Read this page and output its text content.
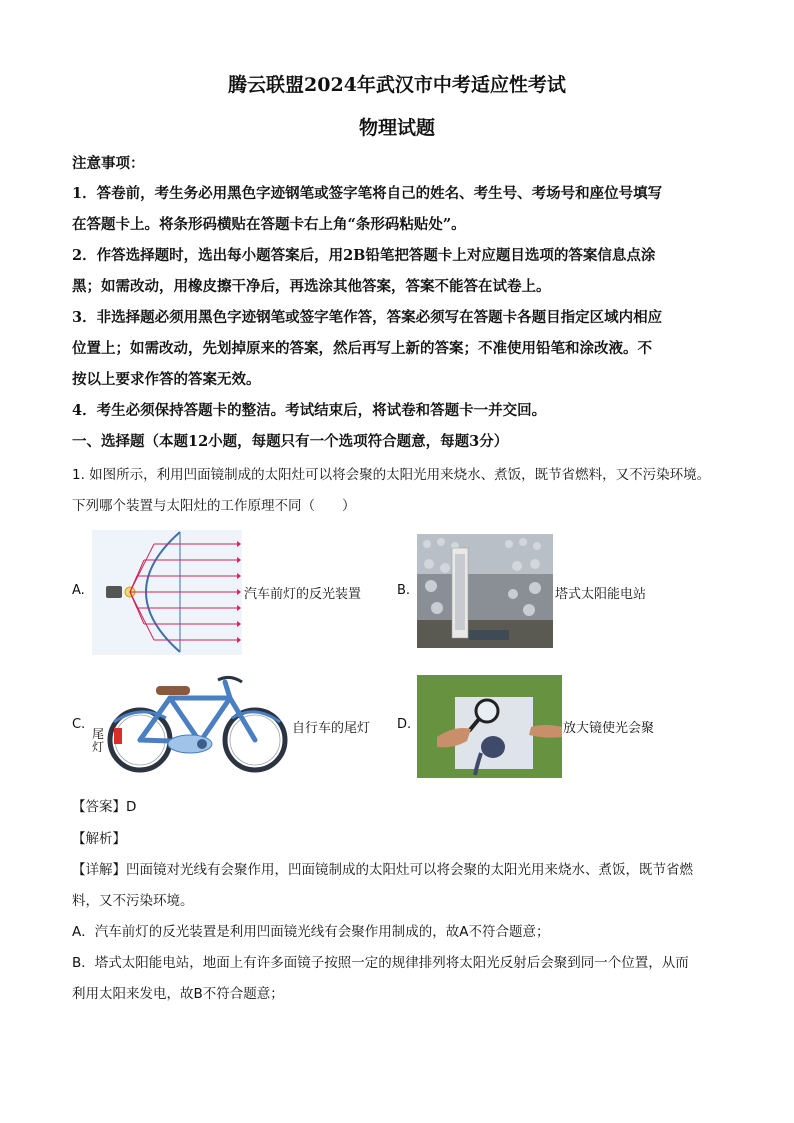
腾云联盟2024年武汉市中考适应性考试
物理试题
注意事项：
1．答卷前，考生务必用黑色字迹钢笔或签字笔将自己的姓名、考生号、考场号和座位号填写
在答题卡上。将条形码横贴在答题卡右上角“条形码粘贴处”。
2．作答选择题时，选出每小题答案后，用2B铅笔把答题卡上对应题目选项的答案信息点涂
黑；如需改动，用橡皮擦干净后，再选涂其他答案，答案不能答在试卷上。
3．非选择题必须用黑色字迹钢笔或签字笔作答，答案必须写在答题卡各题目指定区域内相应
位置上；如需改动，先划掉原来的答案，然后再写上新的答案；不准使用铅笔和涂改液。不
按以上要求作答的答案无效。
4．考生必须保持答题卡的整洁。考试结束后，将试卷和答题卡一并交回。
一、选择题（本题12小题，每题只有一个选项符合题意，每题3分）
1. 如图所示，利用凹面镜制成的太阳灶可以将会聚的太阳光用来烧水、煮饭，既节省燃料，又不污染环境。
下列哪个装置与太阳灶的工作原理不同（　　）
A.	汽车前灯的反光装置	B.	塔式太阳能电站
C.
尾
灯
自行车的尾灯 D.	放大镜使光会聚
【答案】D
【解析】
【详解】凹面镜对光线有会聚作用，凹面镜制成的太阳灶可以将会聚的太阳光用来烧水、煮饭，既节省燃
料，又不污染环境。
A．汽车前灯的反光装置是利用凹面镜光线有会聚作用制成的，故A不符合题意；
B．塔式太阳能电站，地面上有许多面镜子按照一定的规律排列将太阳光反射后会聚到同一个位置，从而
利用太阳来发电，故B不符合题意；
